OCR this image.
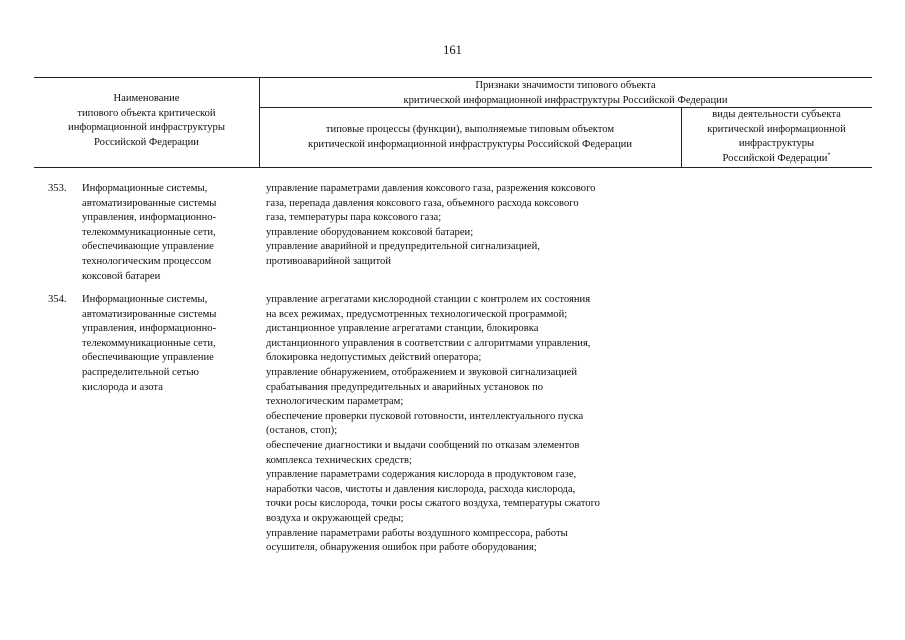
161
Наименование
типового объекта критической
информационной инфраструктуры
Российской Федерации
Признаки значимости типового объекта
критической информационной инфраструктуры Российской Федерации
типовые процессы (функции), выполняемые типовым объектом
критической информационной инфраструктуры Российской Федерации
виды деятельности субъекта
критической информационной
инфраструктуры
Российской Федерации*
353. Информационные системы,
автоматизированные системы
управления, информационно-
телекоммуникационные сети,
обеспечивающие управление
технологическим процессом
коксовой батареи
управление параметрами давления коксового газа, разрежения коксового
газа, перепада давления коксового газа, объемного расхода коксового
газа, температуры пара коксового газа;
управление оборудованием коксовой батареи;
управление аварийной и предупредительной сигнализацией,
противоаварийной защитой
354. Информационные системы,
автоматизированные системы
управления, информационно-
телекоммуникационные сети,
обеспечивающие управление
распределительной сетью
кислорода и азота
управление агрегатами кислородной станции с контролем их состояния
на всех режимах, предусмотренных технологической программой;
дистанционное управление агрегатами станции, блокировка
дистанционного управления в соответствии с алгоритмами управления,
блокировка недопустимых действий оператора;
управление обнаружением, отображением и звуковой сигнализацией
срабатывания предупредительных и аварийных установок по
технологическим параметрам;
обеспечение проверки пусковой готовности, интеллектуального пуска
(останов, стоп);
обеспечение диагностики и выдачи сообщений по отказам элементов
комплекса технических средств;
управление параметрами содержания кислорода в продуктовом газе,
наработки часов, чистоты и давления кислорода, расхода кислорода,
точки росы кислорода, точки росы сжатого воздуха, температуры сжатого
воздуха и окружающей среды;
управление параметрами работы воздушного компрессора, работы
осушителя, обнаружения ошибок при работе оборудования;
